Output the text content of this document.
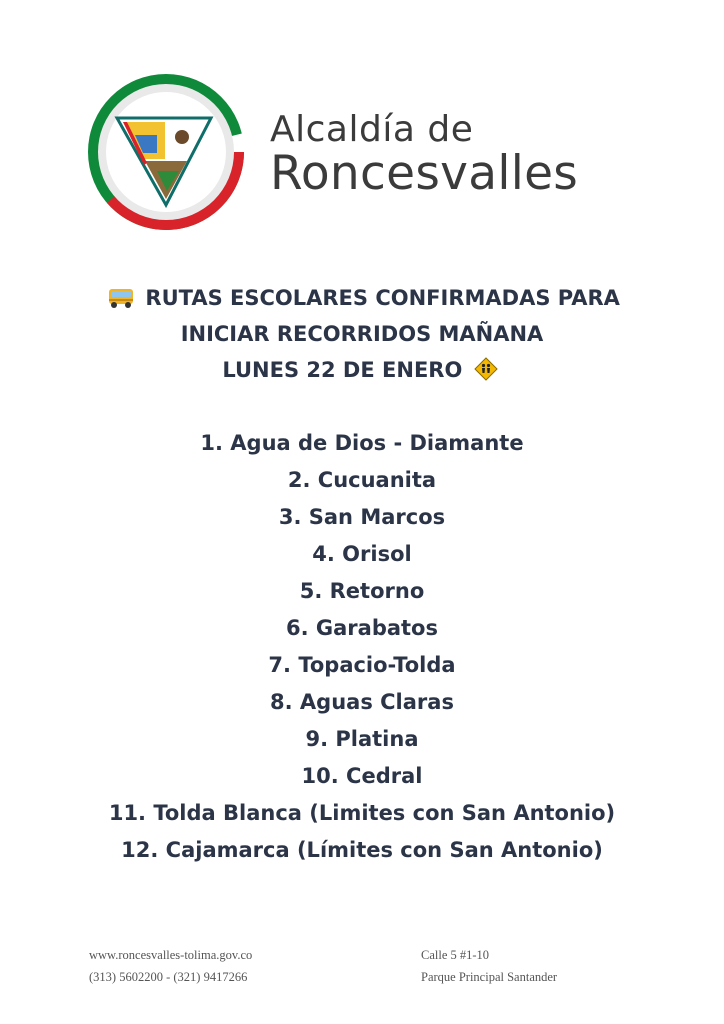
Alcaldía de
Roncesvalles
RUTAS ESCOLARES CONFIRMADAS PARA
INICIAR RECORRIDOS MAÑANA
LUNES 22 DE ENERO
1. Agua de Dios - Diamante
2. Cucuanita
3. San Marcos
4. Orisol
5. Retorno
6. Garabatos
7. Topacio-Tolda
8. Aguas Claras
9. Platina
10. Cedral
11. Tolda Blanca (Limites con San Antonio)
12. Cajamarca (Límites con San Antonio)
www.roncesvalles-tolima.gov.co
(313) 5602200 - (321) 9417266
Calle 5 #1-10
Parque Principal Santander
